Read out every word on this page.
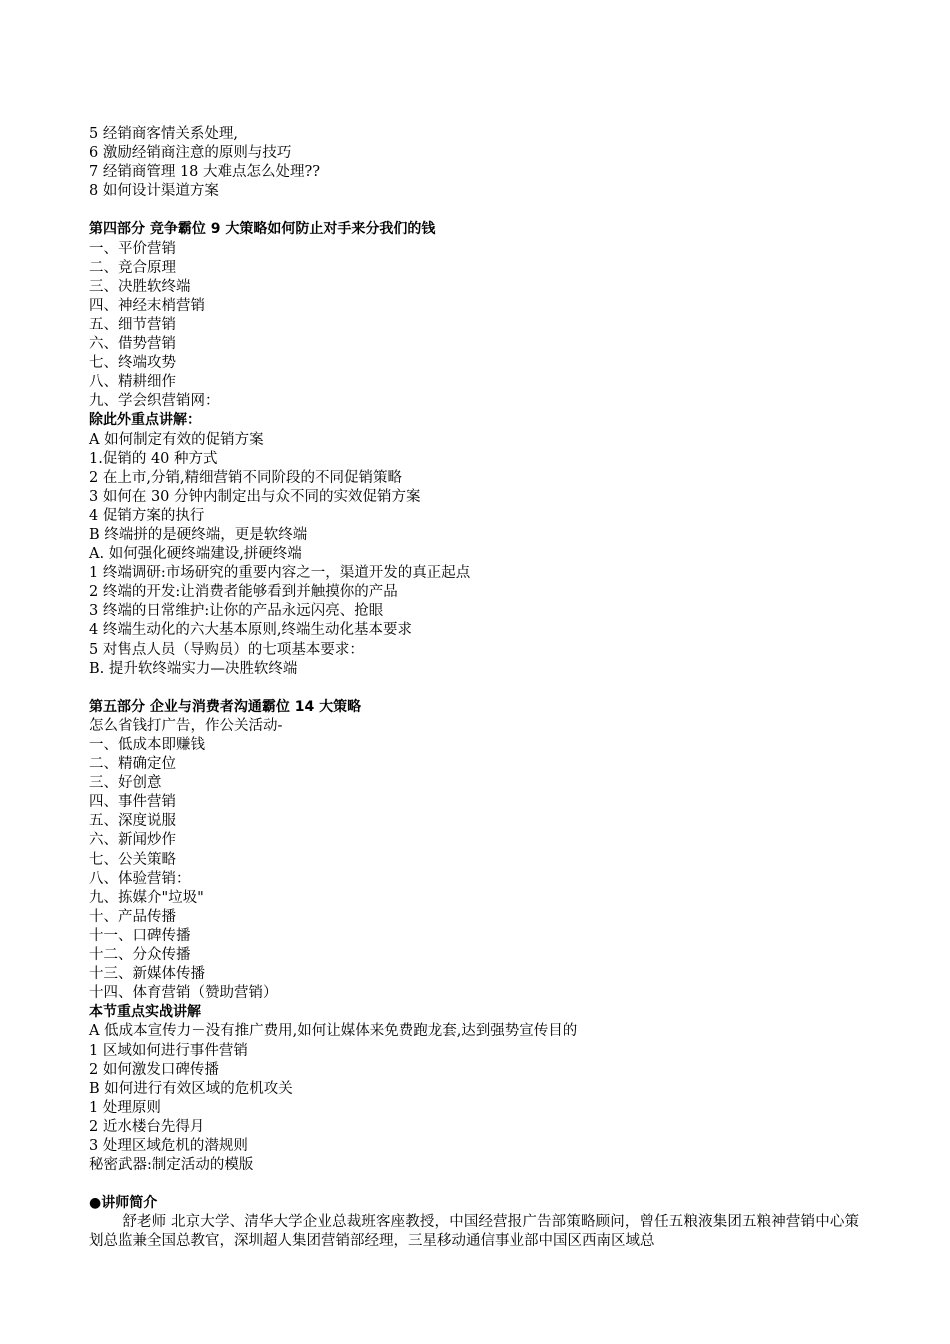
5 经销商客情关系处理,
6 激励经销商注意的原则与技巧
7 经销商管理 18 大难点怎么处理??
8 如何设计渠道方案
第四部分 竞争霸位 9 大策略如何防止对手来分我们的钱
一、平价营销
二、竞合原理
三、决胜软终端
四、神经末梢营销
五、细节营销
六、借势营销
七、终端攻势
八、精耕细作
九、学会织营销网：
除此外重点讲解：
A 如何制定有效的促销方案
1.促销的 40 种方式
2 在上市,分销,精细营销不同阶段的不同促销策略
3 如何在 30 分钟内制定出与众不同的实效促销方案
4 促销方案的执行
B 终端拼的是硬终端，更是软终端
A. 如何强化硬终端建设,拼硬终端
1 终端调研:市场研究的重要内容之一，渠道开发的真正起点
2 终端的开发:让消费者能够看到并触摸你的产品
3 终端的日常维护:让你的产品永远闪亮、抢眼
4 终端生动化的六大基本原则,终端生动化基本要求
5 对售点人员（导购员）的七项基本要求：
B. 提升软终端实力—决胜软终端
第五部分 企业与消费者沟通霸位 14 大策略
怎么省钱打广告，作公关活动-
一、低成本即赚钱
二、精确定位
三、好创意
四、事件营销
五、深度说服
六、新闻炒作
七、公关策略
八、体验营销：
九、拣媒介"垃圾"
十、产品传播
十一、口碑传播
十二、分众传播
十三、新媒体传播
十四、体育营销（赞助营销）
本节重点实战讲解
A 低成本宣传力－没有推广费用,如何让媒体来免费跑龙套,达到强势宣传目的
1 区域如何进行事件营销
2 如何激发口碑传播
B 如何进行有效区域的危机攻关
1 处理原则
2 近水楼台先得月
3 处理区域危机的潜规则
秘密武器:制定活动的模版
●讲师简介
舒老师 北京大学、清华大学企业总裁班客座教授，中国经营报广告部策略顾问，曾任五粮液集团五粮神营销中心策划总监兼全国总教官，深圳超人集团营销部经理，三星移动通信事业部中国区西南区域总
